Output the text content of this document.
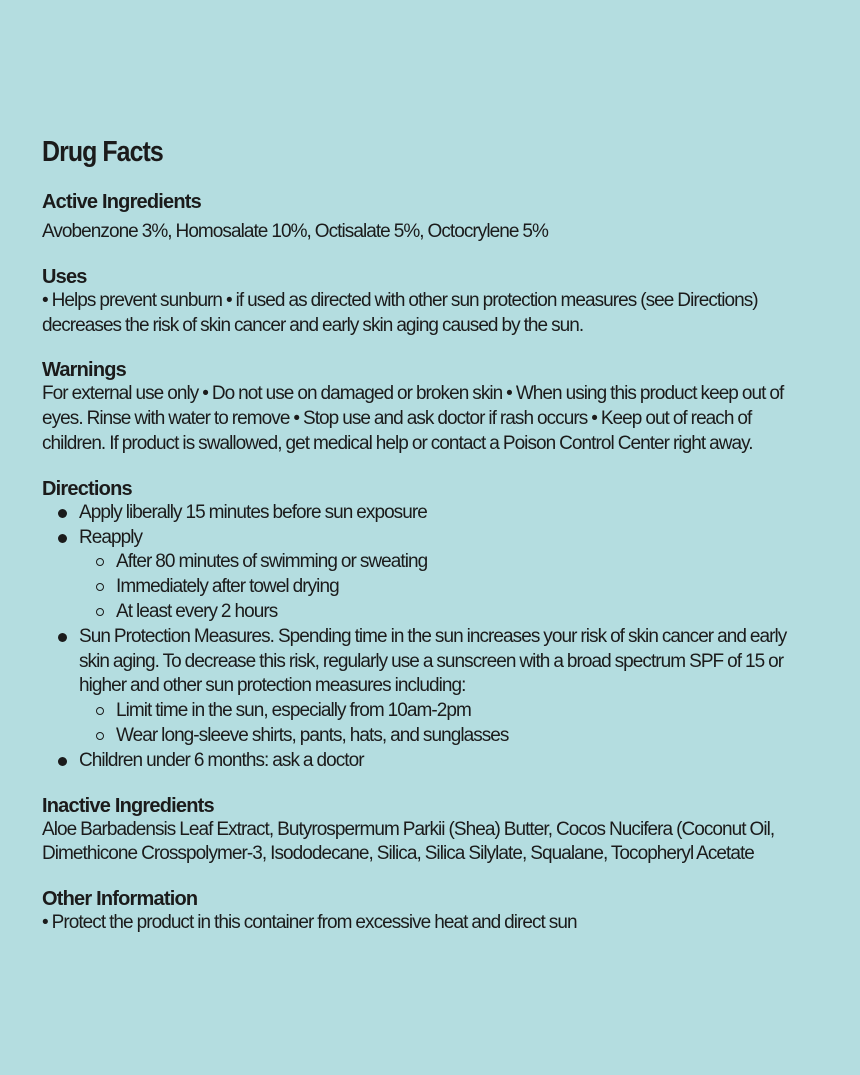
Drug Facts
Active Ingredients

Avobenzone 3%, Homosalate 10%, Octisalate 5%, Octocrylene 5%

Uses

• Helps prevent sunburn • if used as directed with other sun protection measures (see Directions) decreases the risk of skin cancer and early skin aging caused by the sun.

Warnings

For external use only • Do not use on damaged or broken skin • When using this product keep out of eyes. Rinse with water to remove • Stop use and ask doctor if rash occurs • Keep out of reach of children. If product is swallowed, get medical help or contact a Poison Control Center right away.

Directions
Apply liberally 15 minutes before sun exposure
Reapply
After 80 minutes of swimming or sweating
Immediately after towel drying
At least every 2 hours
Sun Protection Measures. Spending time in the sun increases your risk of skin cancer and early skin aging. To decrease this risk, regularly use a sunscreen with a broad spectrum SPF of 15 or higher and other sun protection measures including:
Limit time in the sun, especially from 10am-2pm
Wear long-sleeve shirts, pants, hats, and sunglasses
Children under 6 months: ask a doctor
Inactive Ingredients

Aloe Barbadensis Leaf Extract, Butyrospermum Parkii (Shea) Butter, Cocos Nucifera (Coconut Oil, Dimethicone Crosspolymer-3, Isododecane, Silica, Silica Silylate, Squalane, Tocopheryl Acetate

Other Information

• Protect the product in this container from excessive heat and direct sun
